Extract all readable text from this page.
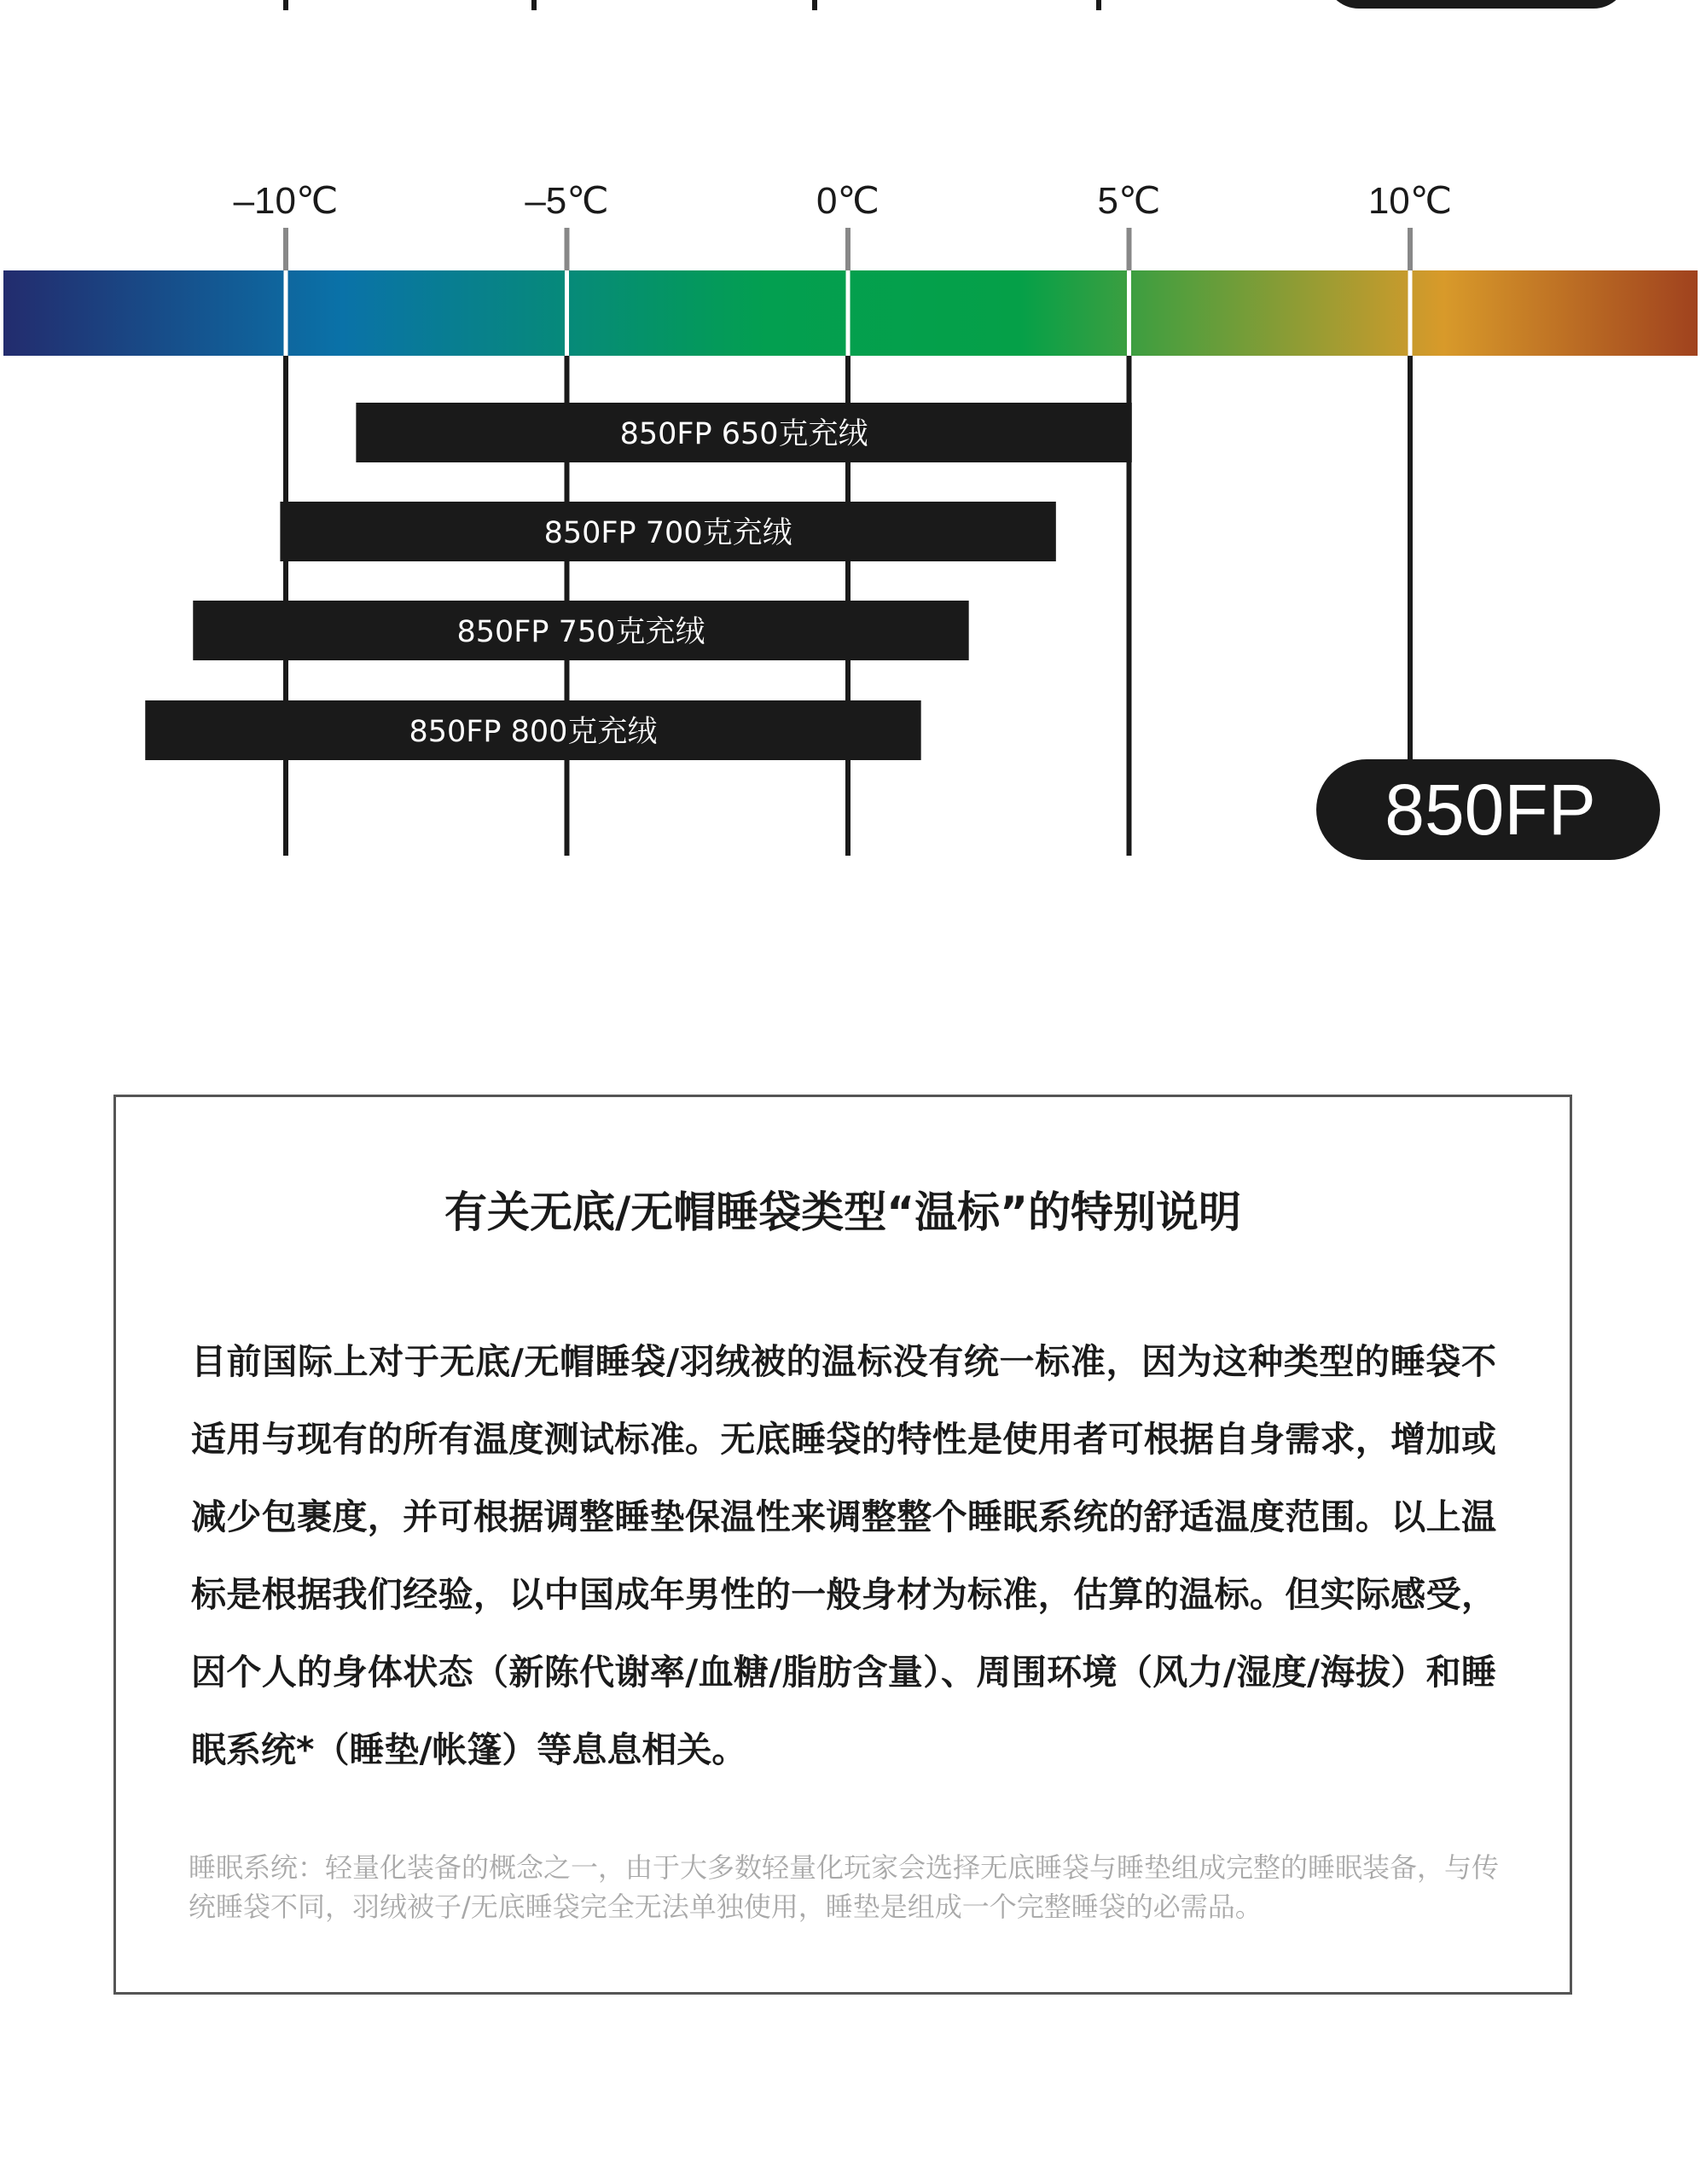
–10℃	–5℃	0℃	5℃	10℃
850FP 650克充绒
850FP 700克充绒
850FP 750克充绒
850FP 800克充绒
850FP
有关无底/无帽睡袋类型“温标”的特别说明
目前国际上对于无底/无帽睡袋/羽绒被的温标没有统一标准，因为这种类型的睡袋不适用与现有的所有温度测试标准。无底睡袋的特性是使用者可根据自身需求，增加或减少包裹度，并可根据调整睡垫保温性来调整整个睡眠系统的舒适温度范围。以上温标是根据我们经验，以中国成年男性的一般身材为标准，估算的温标。但实际感受，因个人的身体状态（新陈代谢率/血糖/脂肪含量）、周围环境（风力/湿度/海拔）和睡眠系统*（睡垫/帐篷）等息息相关。
睡眠系统：轻量化装备的概念之一，由于大多数轻量化玩家会选择无底睡袋与睡垫组成完整的睡眠装备，与传统睡袋不同，羽绒被子/无底睡袋完全无法单独使用，睡垫是组成一个完整睡袋的必需品。
